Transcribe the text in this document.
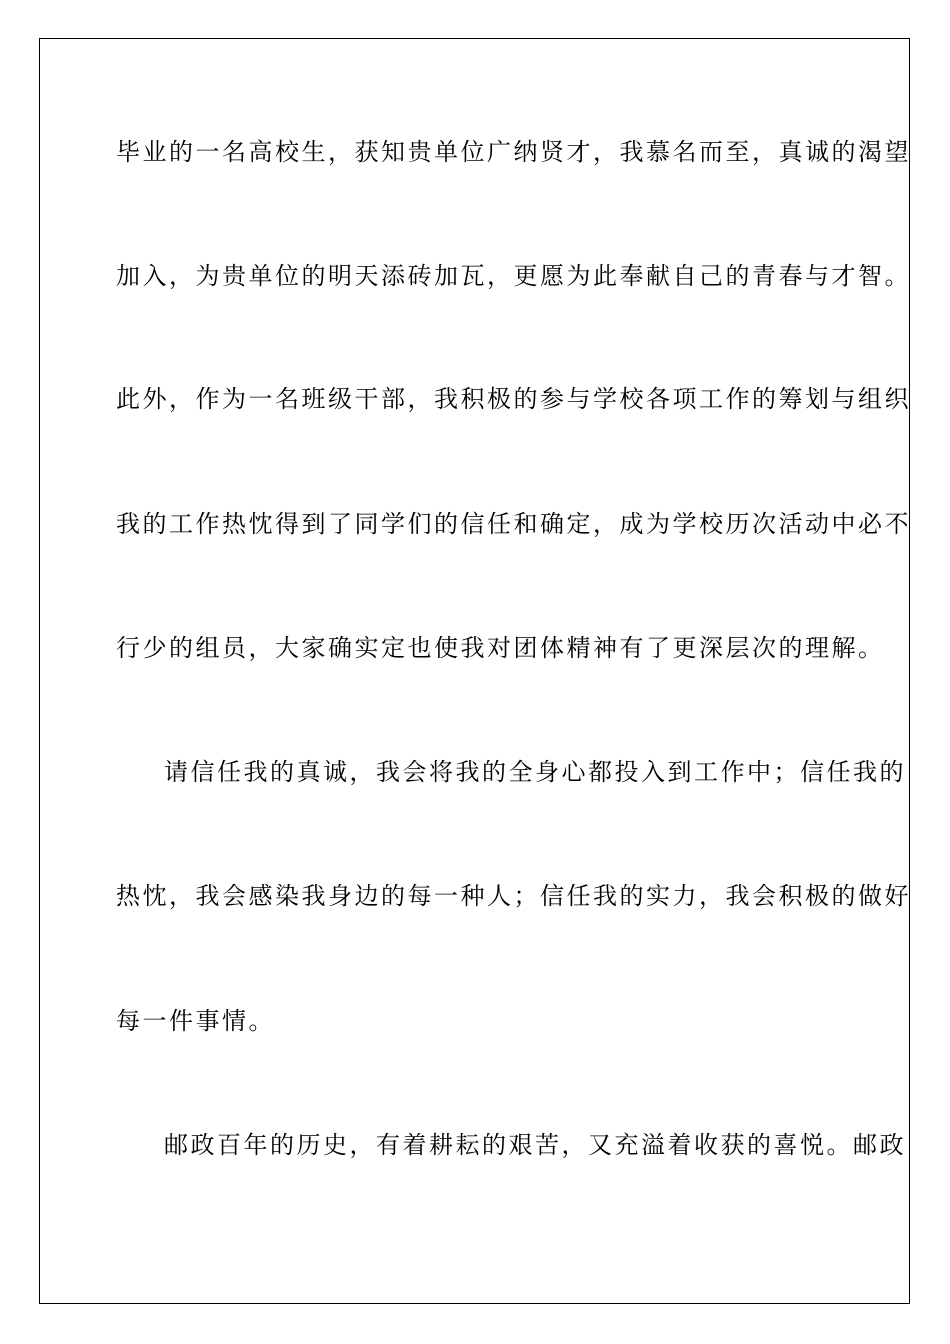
毕业的一名高校生，获知贵单位广纳贤才，我慕名而至，真诚的渴望

加入，为贵单位的明天添砖加瓦，更愿为此奉献自己的青春与才智。

此外，作为一名班级干部，我积极的参与学校各项工作的筹划与组织

我的工作热忱得到了同学们的信任和确定，成为学校历次活动中必不

行少的组员，大家确实定也使我对团体精神有了更深层次的理解。

请信任我的真诚，我会将我的全身心都投入到工作中；信任我的

热忱，我会感染我身边的每一种人；信任我的实力，我会积极的做好

每一件事情。

邮政百年的历史，有着耕耘的艰苦，又充溢着收获的喜悦。邮政
